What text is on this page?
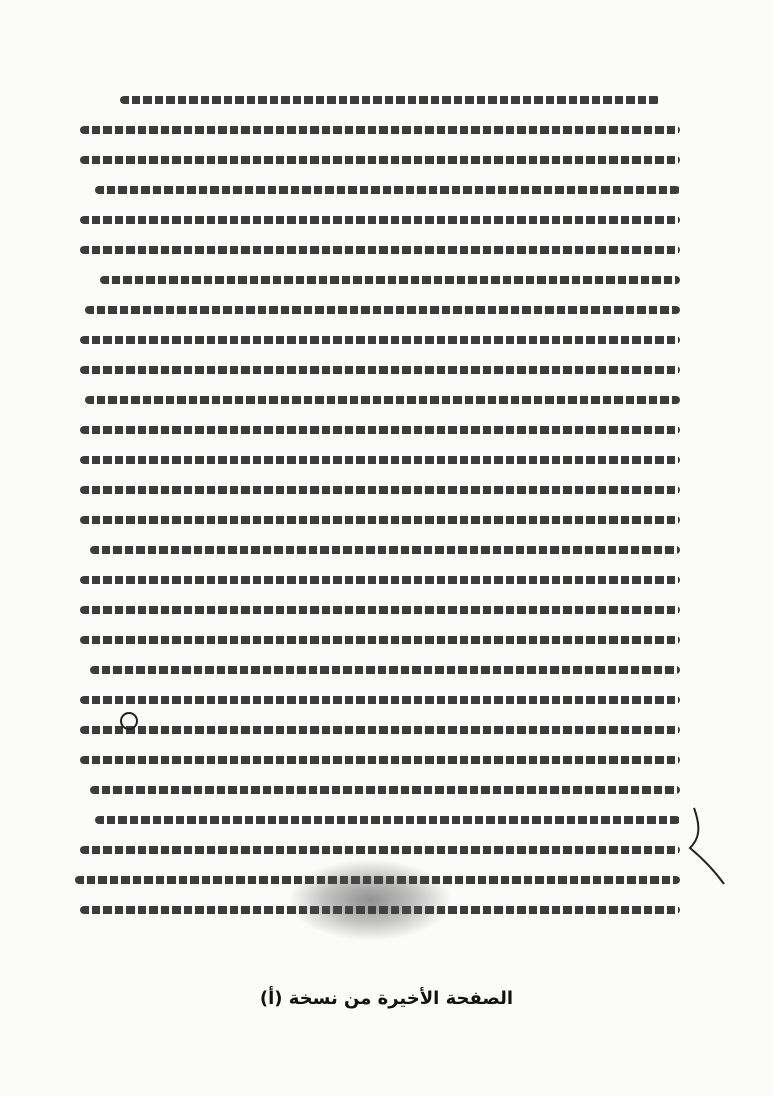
الصفحة الأخيرة من نسخة (أ)
